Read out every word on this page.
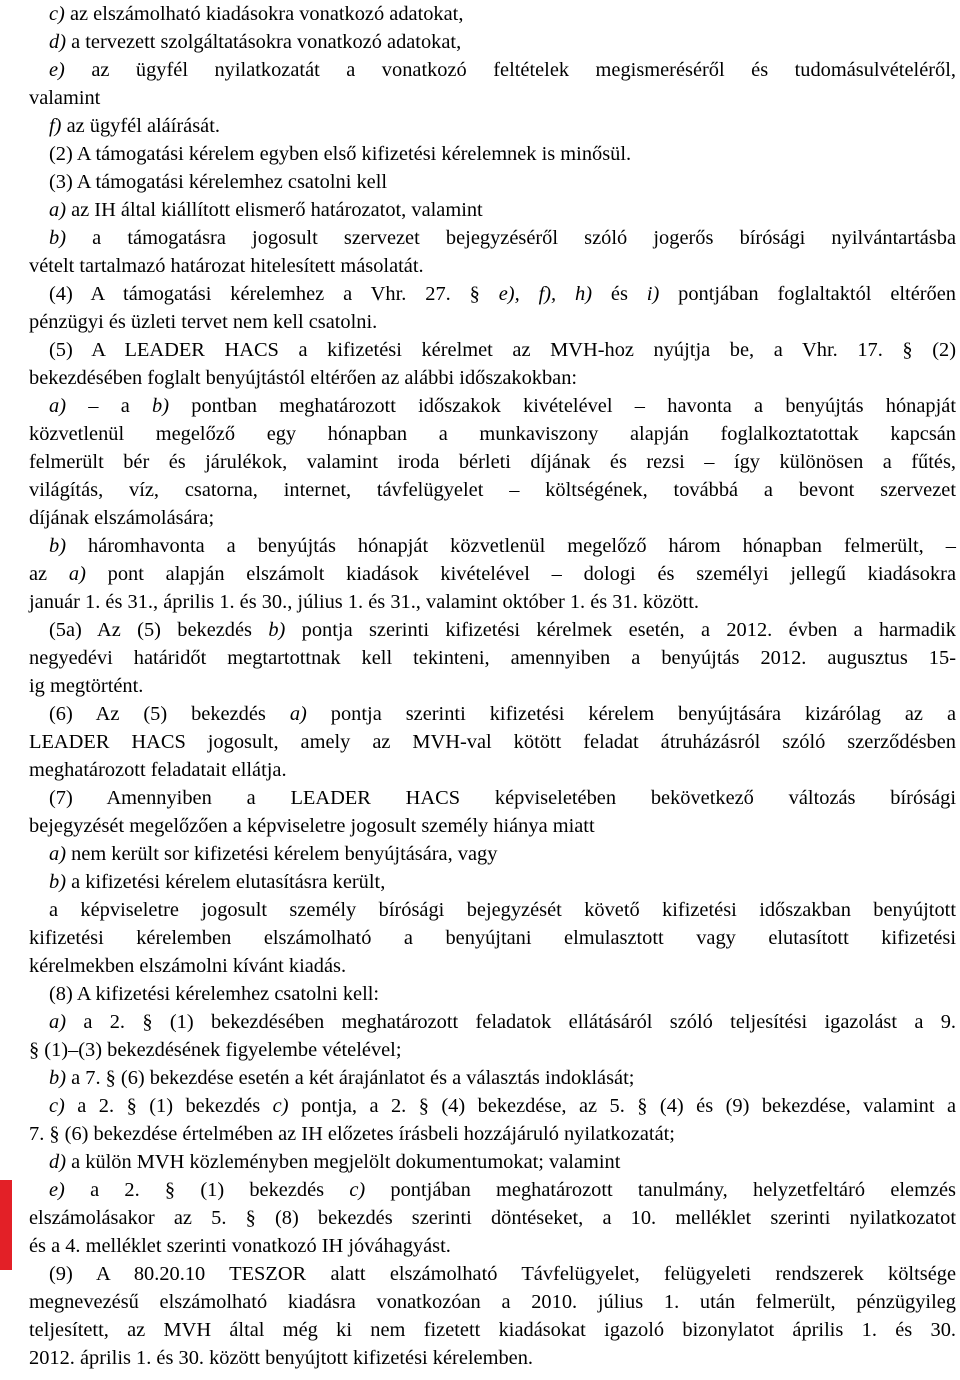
c) az elszámolható kiadásokra vonatkozó adatokat,
d) a tervezett szolgáltatásokra vonatkozó adatokat,
e) az ügyfél nyilatkozatát a vonatkozó feltételek megismeréséről és tudomásulvételéről,
valamint
f) az ügyfél aláírását.
(2) A támogatási kérelem egyben első kifizetési kérelemnek is minősül.
(3) A támogatási kérelemhez csatolni kell
a) az IH által kiállított elismerő határozatot, valamint
b) a támogatásra jogosult szervezet bejegyzéséről szóló jogerős bírósági nyilvántartásba
vételt tartalmazó határozat hitelesített másolatát.
(4) A támogatási kérelemhez a Vhr. 27. § e), f), h) és i) pontjában foglaltaktól eltérően
pénzügyi és üzleti tervet nem kell csatolni.
(5) A LEADER HACS a kifizetési kérelmet az MVH-hoz nyújtja be, a Vhr. 17. § (2)
bekezdésében foglalt benyújtástól eltérően az alábbi időszakokban:
a) – a b) pontban meghatározott időszakok kivételével – havonta a benyújtás hónapját
közvetlenül megelőző egy hónapban a munkaviszony alapján foglalkoztatottak kapcsán
felmerült bér és járulékok, valamint iroda bérleti díjának és rezsi – így különösen a fűtés,
világítás, víz, csatorna, internet, távfelügyelet – költségének, továbbá a bevont szervezet
díjának elszámolására;
b) háromhavonta a benyújtás hónapját közvetlenül megelőző három hónapban felmerült, –
az a) pont alapján elszámolt kiadások kivételével – dologi és személyi jellegű kiadásokra
január 1. és 31., április 1. és 30., július 1. és 31., valamint október 1. és 31. között.
(5a) Az (5) bekezdés b) pontja szerinti kifizetési kérelmek esetén, a 2012. évben a harmadik
negyedévi határidőt megtartottnak kell tekinteni, amennyiben a benyújtás 2012. augusztus 15-
ig megtörtént.
(6) Az (5) bekezdés a) pontja szerinti kifizetési kérelem benyújtására kizárólag az a
LEADER HACS jogosult, amely az MVH-val kötött feladat átruházásról szóló szerződésben
meghatározott feladatait ellátja.
(7) Amennyiben a LEADER HACS képviseletében bekövetkező változás bírósági
bejegyzését megelőzően a képviseletre jogosult személy hiánya miatt
a) nem került sor kifizetési kérelem benyújtására, vagy
b) a kifizetési kérelem elutasításra került,
a képviseletre jogosult személy bírósági bejegyzését követő kifizetési időszakban benyújtott
kifizetési kérelemben elszámolható a benyújtani elmulasztott vagy elutasított kifizetési
kérelmekben elszámolni kívánt kiadás.
(8) A kifizetési kérelemhez csatolni kell:
a) a 2. § (1) bekezdésében meghatározott feladatok ellátásáról szóló teljesítési igazolást a 9.
§ (1)–(3) bekezdésének figyelembe vételével;
b) a 7. § (6) bekezdése esetén a két árajánlatot és a választás indoklását;
c) a 2. § (1) bekezdés c) pontja, a 2. § (4) bekezdése, az 5. § (4) és (9) bekezdése, valamint a
7. § (6) bekezdése értelmében az IH előzetes írásbeli hozzájáruló nyilatkozatát;
d) a külön MVH közleményben megjelölt dokumentumokat; valamint
e) a 2. § (1) bekezdés c) pontjában meghatározott tanulmány, helyzetfeltáró elemzés
elszámolásakor az 5. § (8) bekezdés szerinti döntéseket, a 10. melléklet szerinti nyilatkozatot
és a 4. melléklet szerinti vonatkozó IH jóváhagyást.
(9) A 80.20.10 TESZOR alatt elszámolható Távfelügyelet, felügyeleti rendszerek költsége
megnevezésű elszámolható kiadásra vonatkozóan a 2010. július 1. után felmerült, pénzügyileg
teljesített, az MVH által még ki nem fizetett kiadásokat igazoló bizonylatot április 1. és 30.
2012. április 1. és 30. között benyújtott kifizetési kérelemben.
